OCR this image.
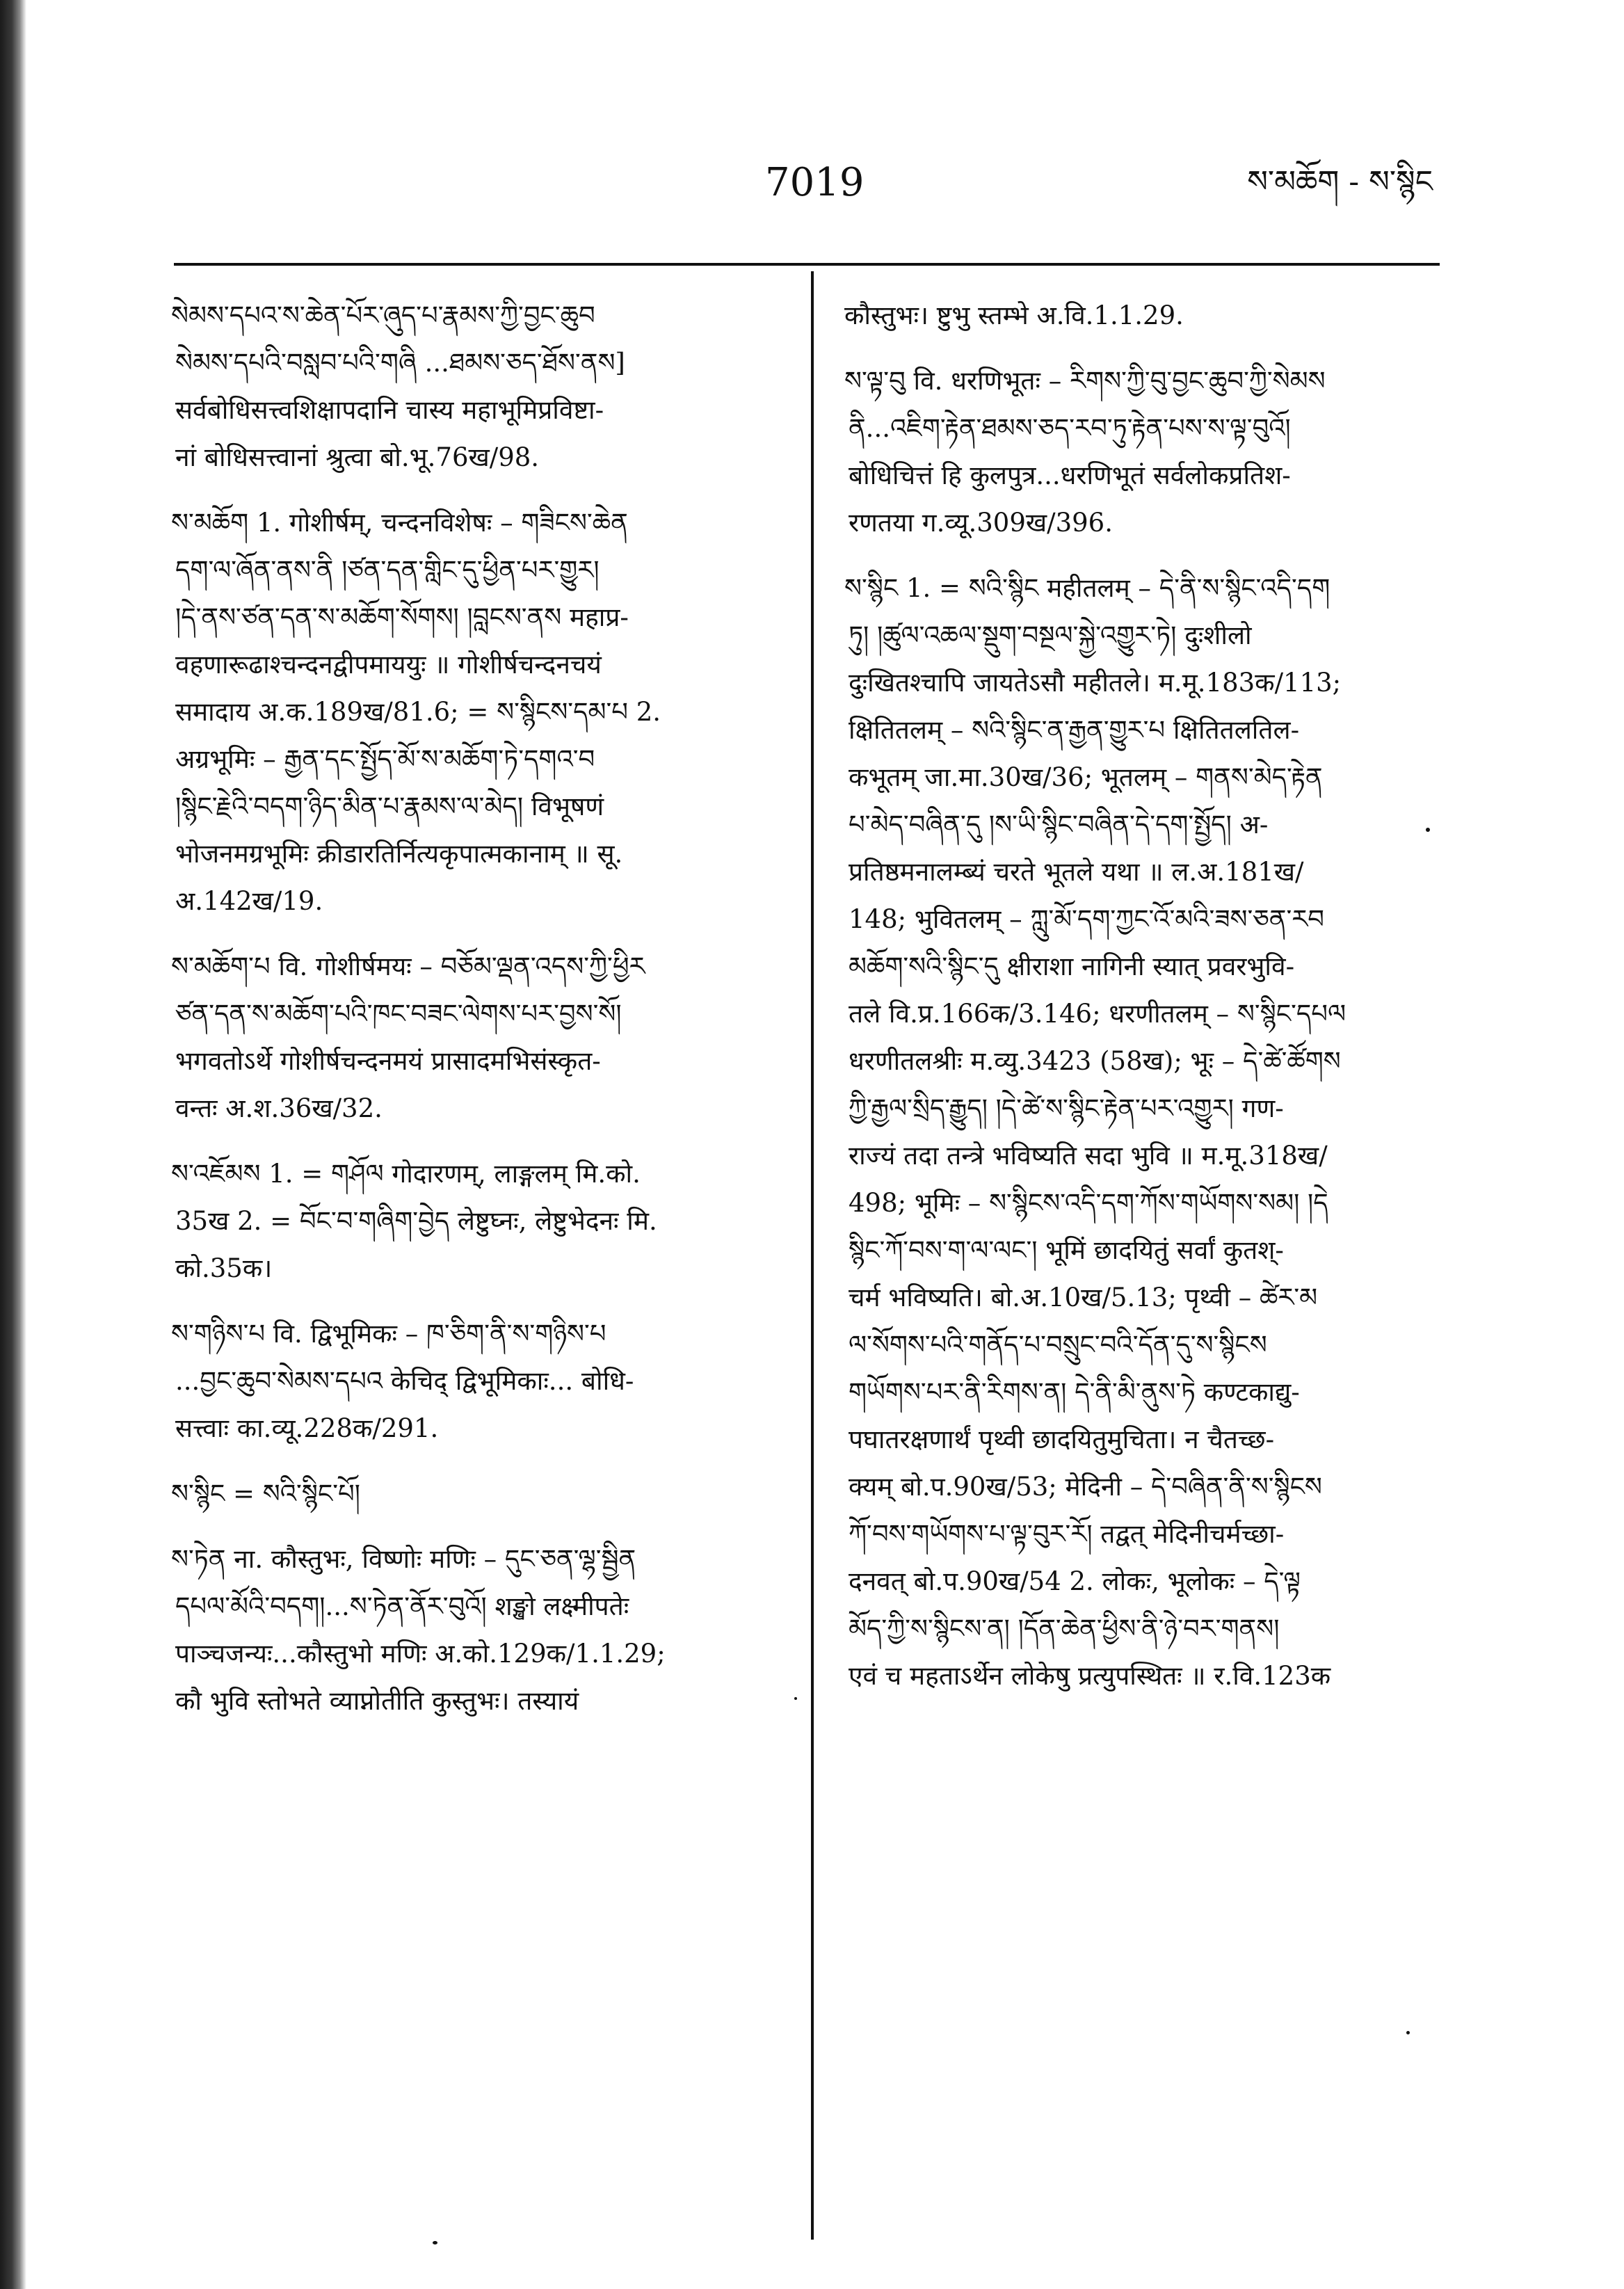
7019	ས་མཆོག - ས་སྙིང
སེམས་དཔའ་ས་ཆེན་པོར་ཞུད་པ་རྣམས་ཀྱི་བྱང་ཆུབ
སེམས་དཔའི་བསླབ་པའི་གཞི ...ཐམས་ཅད་ཐོས་ནས]
सर्वबोधिसत्त्वशिक्षापदानि चास्य महाभूमिप्रविष्टा-
नां बोधिसत्त्वानां श्रुत्वा बो.भू.76ख/98.
ས་མཆོག 1. गोशीर्षम्, चन्दनविशेषः – གཟིངས་ཆེན
དག་ལ་ཞོན་ནས་ནི །ཙན་དན་གླིང་དུ་ཕྱིན་པར་གྱུར།
།དེ་ནས་ཙན་དན་ས་མཆོག་སོགས། །བླངས་ནས महाप्र-
वहणारूढाश्चन्दनद्वीपमाययुः ॥ गोशीर्षचन्दनचयं
समादाय अ.क.189ख/81.6; = ས་སྙིངས་དམ་པ 2.
अग्रभूमिः – རྒྱན་དང་སྤྱོད་མོ་ས་མཆོག་ཏེ་དགའ་བ
།སྙིང་རྗེའི་བདག་ཉིད་མིན་པ་རྣམས་ལ་མེད། विभूषणं
भोजनमग्रभूमिः क्रीडारतिर्नित्यकृपात्मकानाम् ॥ सू.
अ.142ख/19.
ས་མཆོག་པ वि. गोशीर्षमयः – བཅོམ་ལྡན་འདས་ཀྱི་ཕྱིར
ཙན་དན་ས་མཆོག་པའི་ཁང་བཟང་ལེགས་པར་བྱས་སོ།
भगवतोऽर्थे गोशीर्षचन्दनमयं प्रासादमभिसंस्कृत-
वन्तः अ.श.36ख/32.
ས་འཇོམས 1. = གཤོལ गोदारणम्, लाङ्गलम् मि.को.
35ख 2. = བོང་བ་གཞིག་བྱེད लेष्टुघ्नः, लेष्टुभेदनः मि.
को.35क।
ས་གཉིས་པ वि. द्विभूमिकः – ཁ་ཅིག་ནི་ས་གཉིས་པ
...བྱང་ཆུབ་སེམས་དཔའ केचिद् द्विभूमिकाः... बोधि-
सत्त्वाः का.व्यू.228क/291.
ས་སྙིང = སའི་སྙིང་པོ།
ས་ཏེན ना. कौस्तुभः, विष्णोः मणिः – དུང་ཅན་ལྷ་སྦྱིན
དཔལ་མོའི་བདག།...ས་ཏེན་ནོར་བུའོ། शङ्खो लक्ष्मीपतेः
पाञ्चजन्यः...कौस्तुभो मणिः अ.को.129क/1.1.29;
कौ भुवि स्तोभते व्याप्नोतीति कुस्तुभः। तस्यायं
कौस्तुभः। ष्टुभु स्तम्भे अ.वि.1.1.29.
ས་ལྟ་བུ वि. धरणिभूतः – རིགས་ཀྱི་བུ་བྱང་ཆུབ་ཀྱི་སེམས
ནི...འཇིག་རྟེན་ཐམས་ཅད་རབ་ཏུ་རྟེན་པས་ས་ལྟ་བུའོ།
बोधिचित्तं हि कुलपुत्र...धरणिभूतं सर्वलोकप्रतिश-
रणतया ग.व्यू.309ख/396.
ས་སྙིང 1. = སའི་སྙིང महीतलम् – དེ་ནི་ས་སྙིང་འདི་དག
ཏུ། །ཚུལ་འཆལ་སྡུག་བསྔལ་སྐྱེ་འགྱུར་ཏེ། दुःशीलो
दुःखितश्चापि जायतेऽसौ महीतले। म.मू.183क/113;
क्षितितलम् – སའི་སྙིང་ན་རྒྱན་གྱུར་པ क्षितितलतिल-
कभूतम् जा.मा.30ख/36; भूतलम् – གནས་མེད་རྟེན
པ་མེད་བཞིན་དུ །ས་ཡི་སྙིང་བཞིན་དེ་དག་སྤྱོད། अ-
प्रतिष्ठमनालम्ब्यं चरते भूतले यथा ॥ ल.अ.181ख/
148; भुवितलम् – ཀླུ་མོ་དག་ཀྱང་འོ་མའི་ཟས་ཅན་རབ
མཆོག་སའི་སྙིང་དུ क्षीराशा नागिनी स्यात् प्रवरभुवि-
तले वि.प्र.166क/3.146; धरणीतलम् – ས་སྙིང་དཔལ
धरणीतलश्रीः म.व्यु.3423 (58ख); भूः – དེ་ཚེ་ཚོགས
ཀྱི་རྒྱལ་སྲིད་རྒྱུད། །དེ་ཚེ་ས་སྙིང་རྟེན་པར་འགྱུར། गण-
राज्यं तदा तन्त्रे भविष्यति सदा भुवि ॥ म.मू.318ख/
498; भूमिः – ས་སྙིངས་འདི་དག་ཀོས་གཡོགས་སམ། །དེ
སྙིང་ཀོ་བས་ག་ལ་ལང་། भूमिं छादयितुं सर्वां कुतश्-
चर्म भविष्यति। बो.अ.10ख/5.13; पृथ्वी – ཚེར་མ
ལ་སོགས་པའི་གནོད་པ་བསྲུང་བའི་དོན་དུ་ས་སྙིངས
གཡོགས་པར་ནི་རིགས་ན། དེ་ནི་མི་ནུས་ཏེ कण्टकाद्यु-
पघातरक्षणार्थं पृथ्वी छादयितुमुचिता। न चैतच्छ-
क्यम् बो.प.90ख/53; मेदिनी – དེ་བཞིན་ནི་ས་སྙིངས
ཀོ་བས་གཡོགས་པ་ལྟ་བུར་རོ། तद्वत् मेदिनीचर्मच्छा-
दनवत् बो.प.90ख/54 2. लोकः, भूलोकः – དེ་ལྟ
མོད་ཀྱི་ས་སྙིངས་ན། །དོན་ཆེན་ཕྱིས་ནི་ཉེ་བར་གནས།
एवं च महताऽर्थेन लोकेषु प्रत्युपस्थितः ॥ र.वि.123क
